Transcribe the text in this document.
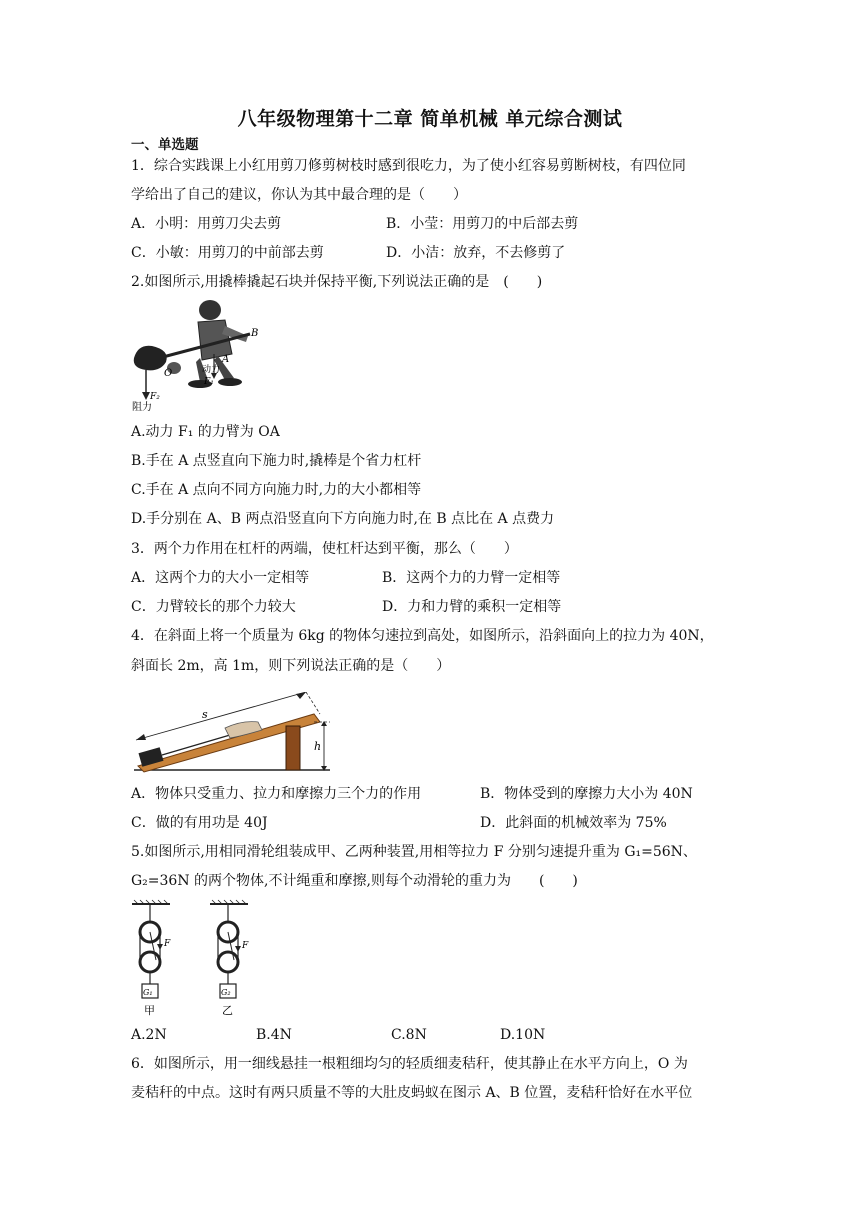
八年级物理第十二章 简单机械 单元综合测试
一、单选题
1．综合实践课上小红用剪刀修剪树枝时感到很吃力，为了使小红容易剪断树枝，有四位同
学给出了自己的建议，你认为其中最合理的是（　　）
A．小明：用剪刀尖去剪	B．小莹：用剪刀的中后部去剪
C．小敏：用剪刀的中前部去剪	D．小洁：放弃，不去修剪了
2.如图所示,用撬棒撬起石块并保持平衡,下列说法正确的是　(　　)
B
O
A
动力
F₁
F₂
阻力
A.动力 F₁ 的力臂为 OA
B.手在 A 点竖直向下施力时,撬棒是个省力杠杆
C.手在 A 点向不同方向施力时,力的大小都相等
D.手分别在 A、B 两点沿竖直向下方向施力时,在 B 点比在 A 点费力
3．两个力作用在杠杆的两端，使杠杆达到平衡，那么（　　）
A．这两个力的大小一定相等	B．这两个力的力臂一定相等
C．力臂较长的那个力较大	D．力和力臂的乘积一定相等
4．在斜面上将一个质量为 6kg 的物体匀速拉到高处，如图所示，沿斜面向上的拉力为 40N，
斜面长 2m，高 1m，则下列说法正确的是（　　）
s
h
A．物体只受重力、拉力和摩擦力三个力的作用	B．物体受到的摩擦力大小为 40N
C．做的有用功是 40J	D．此斜面的机械效率为 75%
5.如图所示,用相同滑轮组装成甲、乙两种装置,用相等拉力 F 分别匀速提升重为 G₁=56N、
G₂=36N 的两个物体,不计绳重和摩擦,则每个动滑轮的重力为　　(　　)
F	F
G₁	G₂
甲	乙
A.2N	B.4N	C.8N	D.10N
6．如图所示，用一细线悬挂一根粗细均匀的轻质细麦秸秆，使其静止在水平方向上，O 为
麦秸秆的中点。这时有两只质量不等的大肚皮蚂蚁在图示 A、B 位置，麦秸秆恰好在水平位
